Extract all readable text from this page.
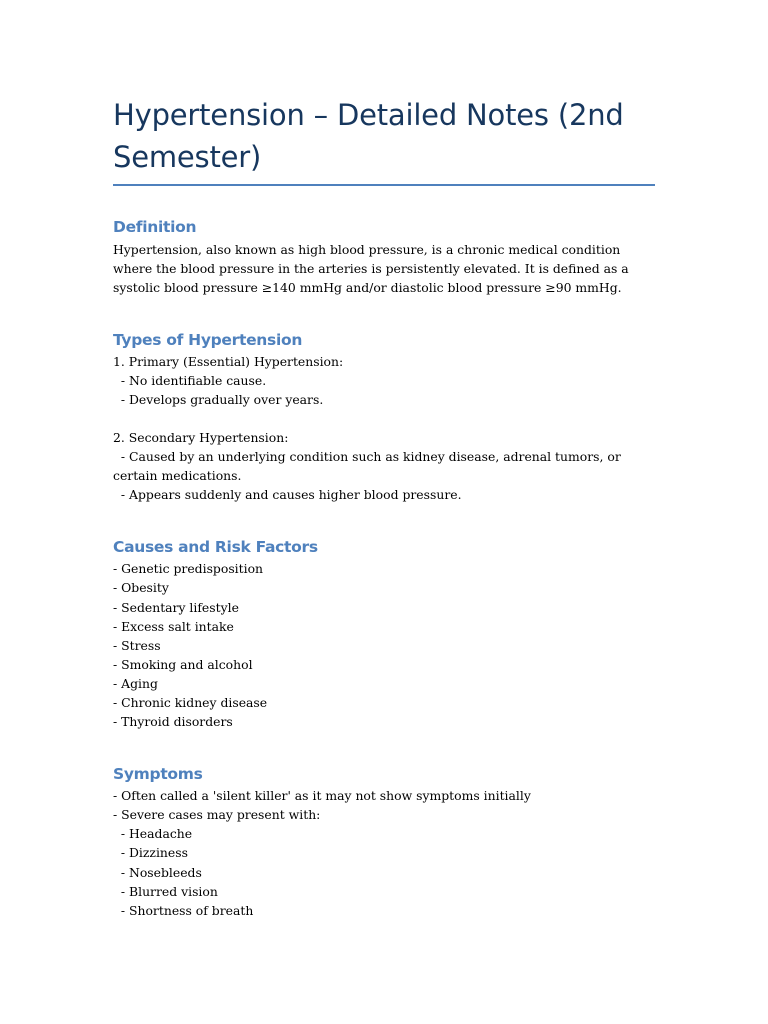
Hypertension – Detailed Notes (2nd Semester)
Definition

Hypertension, also known as high blood pressure, is a chronic medical condition where the blood pressure in the arteries is persistently elevated. It is defined as a systolic blood pressure ≥140 mmHg and/or diastolic blood pressure ≥90 mmHg.

Types of Hypertension

1. Primary (Essential) Hypertension:

- No identifiable cause.

- Develops gradually over years.

2. Secondary Hypertension:

- Caused by an underlying condition such as kidney disease, adrenal tumors, or certain medications.

- Appears suddenly and causes higher blood pressure.

Causes and Risk Factors

- Genetic predisposition

- Obesity

- Sedentary lifestyle

- Excess salt intake

- Stress

- Smoking and alcohol

- Aging

- Chronic kidney disease

- Thyroid disorders

Symptoms

- Often called a 'silent killer' as it may not show symptoms initially

- Severe cases may present with:

- Headache

- Dizziness

- Nosebleeds

- Blurred vision

- Shortness of breath
